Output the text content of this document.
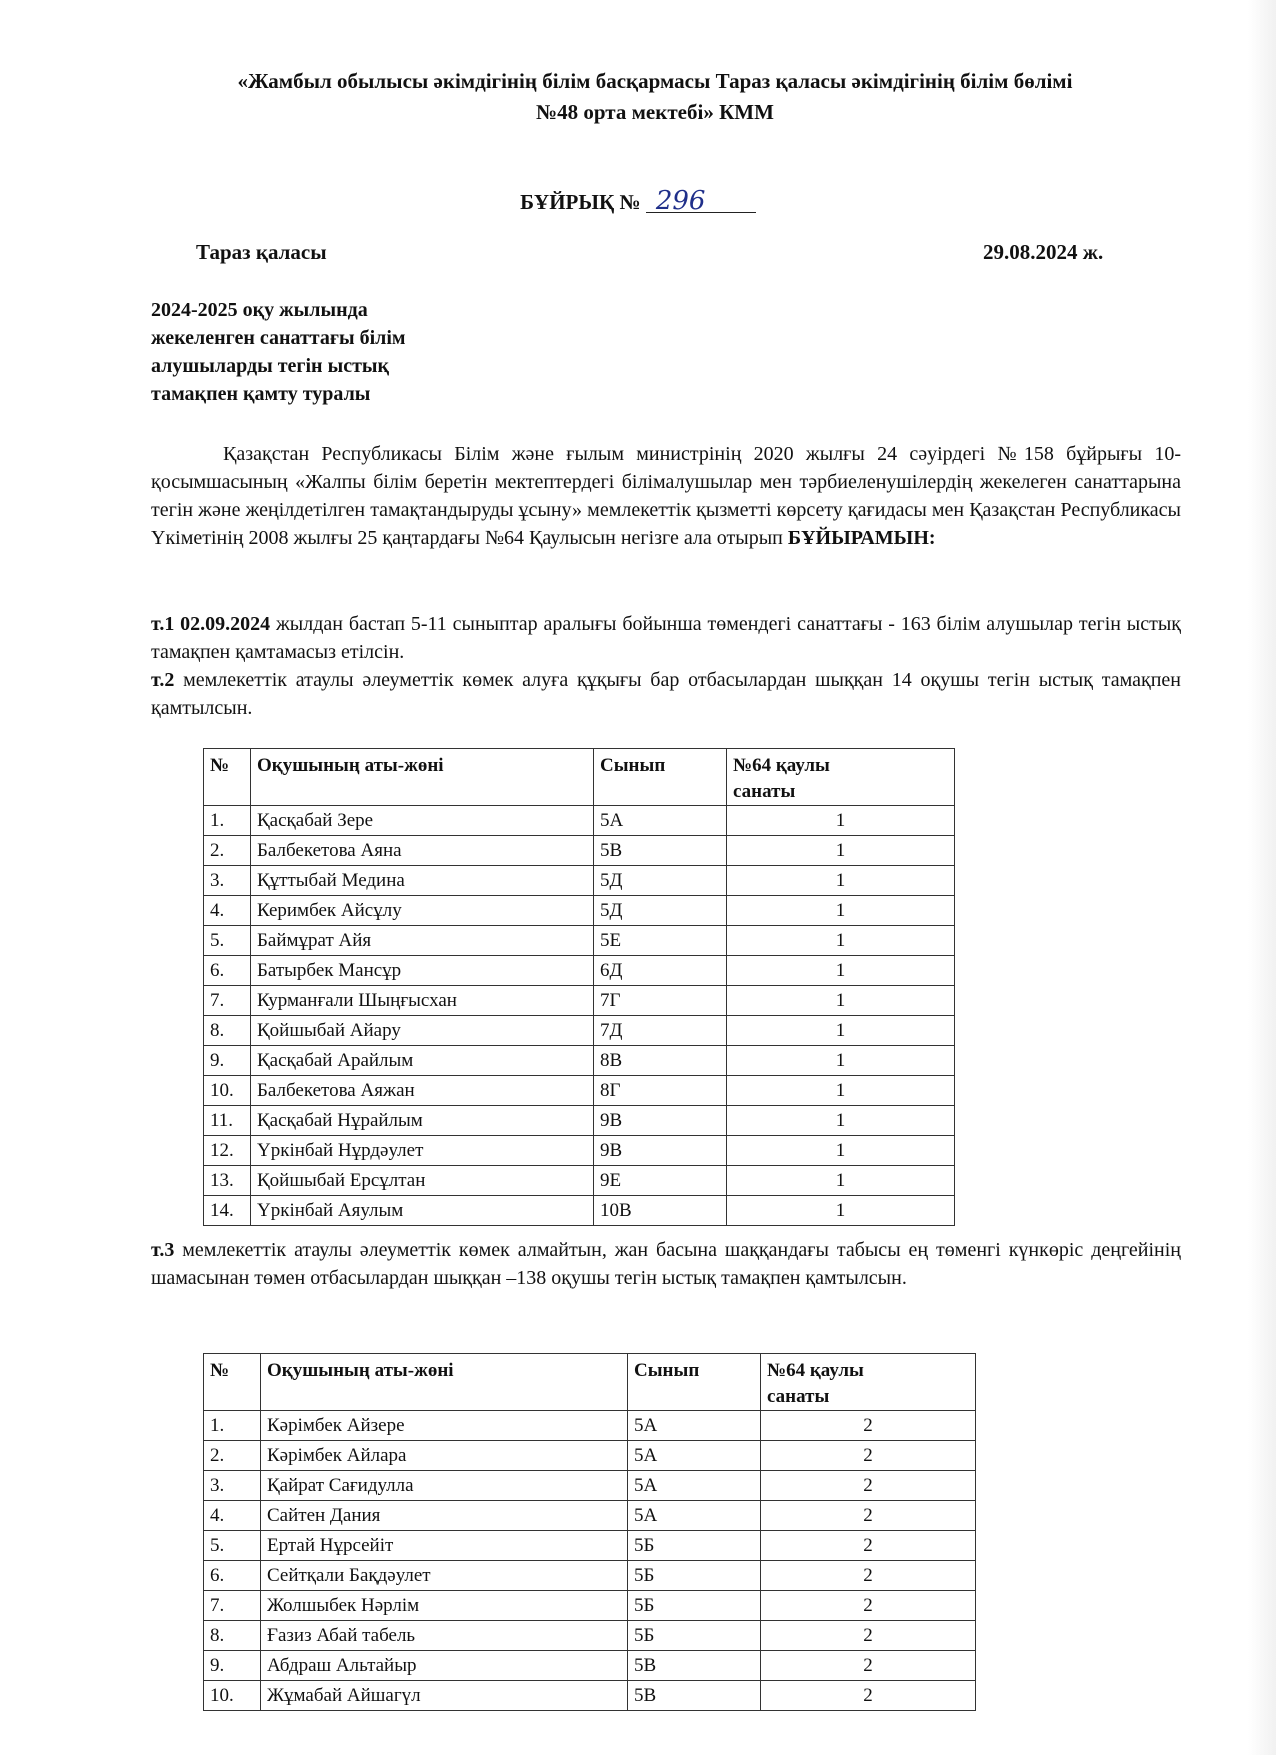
«Жамбыл обылысы әкімдігінің білім басқармасы Тараз қаласы әкімдігінің білім бөлімі
№48 орта мектебі» КММ
БҰЙРЫҚ № 296
Тараз қаласы	29.08.2024 ж.
2024-2025 оқу жылында
жекеленген санаттағы білім
алушыларды тегін ыстық
тамақпен қамту туралы
Қазақстан Республикасы Білім және ғылым министрінің 2020 жылғы 24 сәуірдегі №158 бұйрығы 10-қосымшасының «Жалпы білім беретін мектептердегі білімалушылар мен тәрбиеленушілердің жекелеген санаттарына тегін және жеңілдетілген тамақтандыруды ұсыну» мемлекеттік қызметті көрсету қағидасы мен Қазақстан Республикасы Үкіметінің 2008 жылғы 25 қаңтардағы №64 Қаулысын негізге ала отырып БҰЙЫРАМЫН:
т.1 02.09.2024 жылдан бастап 5-11 сыныптар аралығы бойынша төмендегі санаттағы - 163 білім алушылар тегін ыстық тамақпен қамтамасыз етілсін.
т.2 мемлекеттік атаулы әлеуметтік көмек алуға құқығы бар отбасылардан шыққан 14 оқушы тегін ыстық тамақпен қамтылсын.
№	Оқушының аты-жөні	Сынып	№64 қаулы
санаты
1.	Қасқабай Зере	5А	1
2.	Балбекетова Аяна	5В	1
3.	Құттыбай Медина	5Д	1
4.	Керимбек Айсұлу	5Д	1
5.	Баймұрат Айя	5Е	1
6.	Батырбек Мансұр	6Д	1
7.	Курманғали Шыңғысхан	7Г	1
8.	Қойшыбай Айару	7Д	1
9.	Қасқабай Арайлым	8В	1
10.	Балбекетова Аяжан	8Г	1
11.	Қасқабай Нұрайлым	9В	1
12.	Үркінбай Нұрдәулет	9В	1
13.	Қойшыбай Ерсұлтан	9Е	1
14.	Үркінбай Аяулым	10В	1
т.3 мемлекеттік атаулы әлеуметтік көмек алмайтын, жан басына шаққандағы табысы ең төменгі күнкөріс деңгейінің шамасынан төмен отбасылардан шыққан –138 оқушы тегін ыстық тамақпен қамтылсын.
№	Оқушының аты-жөні	Сынып	№64 қаулы
санаты
1.	Кәрімбек Айзере	5А	2
2.	Кәрімбек Айлара	5А	2
3.	Қайрат Сағидулла	5А	2
4.	Сайтен Дания	5А	2
5.	Ертай Нұрсейіт	5Б	2
6.	Сейтқали Бақдәулет	5Б	2
7.	Жолшыбек Нәрлім	5Б	2
8.	Ғазиз Абай табель	5Б	2
9.	Абдраш Альтайыр	5В	2
10.	Жұмабай Айшагүл	5В	2
